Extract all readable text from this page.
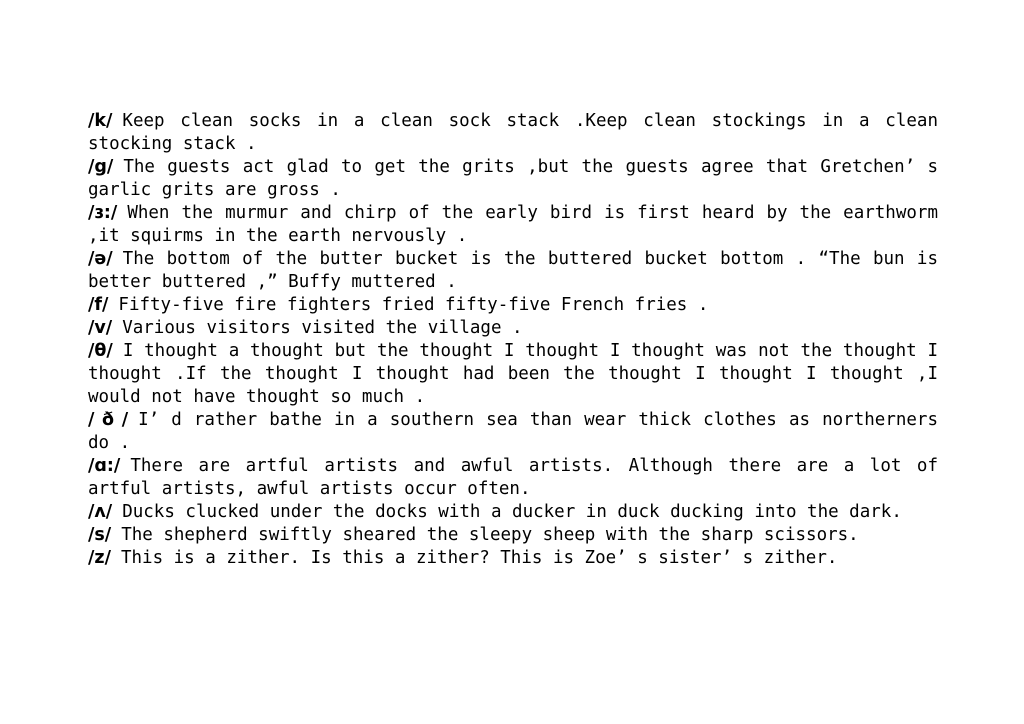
/k/ Keep clean socks in a clean sock stack .Keep clean stockings in a clean stocking stack .

/g/ The guests act glad to get the grits ,but the guests agree that Gretchen’ s garlic grits are gross .

/ɜ:/ When the murmur and chirp of the early bird is first heard by the earthworm ,it squirms in the earth nervously .

/ə/ The bottom of the butter bucket is the buttered bucket bottom . “The bun is better buttered ,” Buffy muttered .

/f/ Fifty-five fire fighters fried fifty-five French fries .

/v/ Various visitors visited the village .

/θ/ I thought a thought but the thought I thought I thought was not the thought I thought .If the thought I thought had been the thought I thought I thought ,I would not have thought so much .

/ ð / I’ d rather bathe in a southern sea than wear thick clothes as northerners do .

/ɑ:/ There are artful artists and awful artists. Although there are a lot of artful artists, awful artists occur often.

/ʌ/ Ducks clucked under the docks with a ducker in duck ducking into the dark.

/s/ The shepherd swiftly sheared the sleepy sheep with the sharp scissors.

/z/ This is a zither. Is this a zither? This is Zoe’ s sister’ s zither.
